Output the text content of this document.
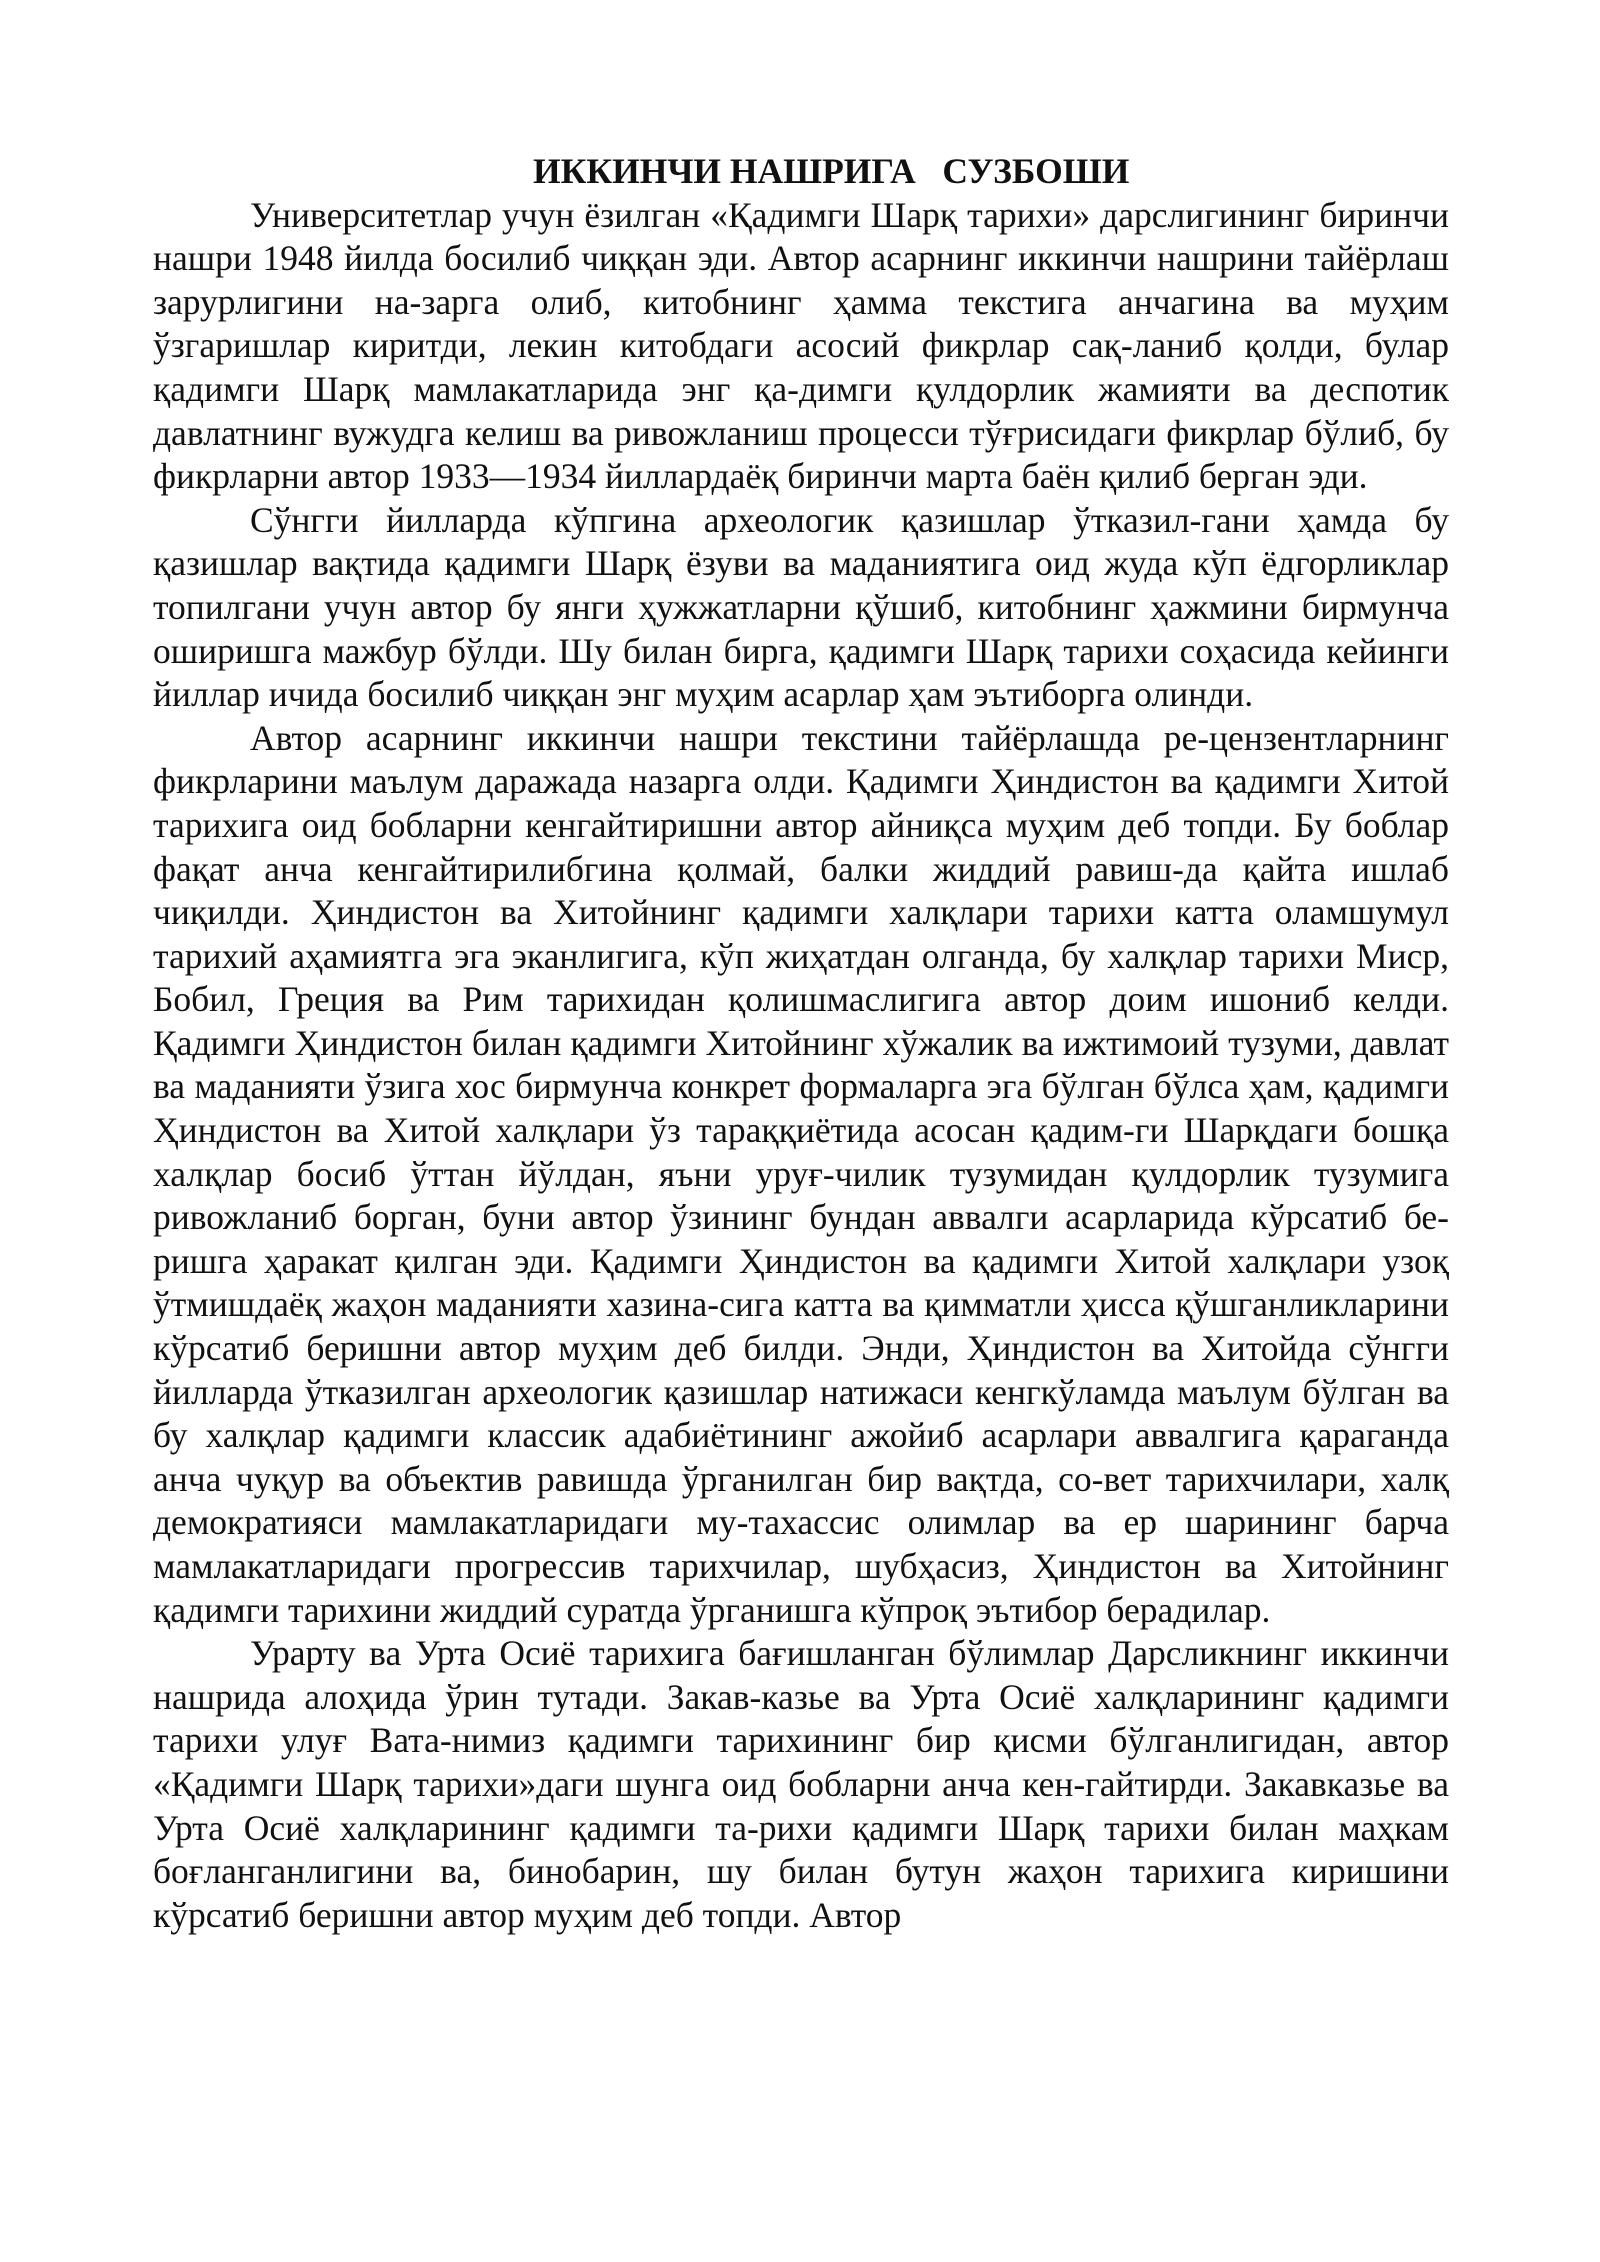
ИККИНЧИ НАШРИГА   СУЗБОШИ

Университетлар учун ёзилган «Қадимги Шарқ тарихи» дарслигининг биринчи нашри 1948 йилда босилиб чиққан эди. Автор асарнинг иккинчи нашрини тайёрлаш зарурлигини на-зарга олиб, китобнинг ҳамма текстига анчагина ва муҳим ўзгаришлар киритди, лекин китобдаги асосий фикрлар сақ-ланиб қолди, булар қадимги Шарқ мамлакатларида энг қа-димги қулдорлик жамияти ва деспотик давлатнинг вужудга келиш ва ривожланиш процесси тўғрисидаги фикрлар бўлиб, бу фикрларни автор 1933—1934 йиллардаёқ биринчи марта баён қилиб берган эди.

Сўнгги йилларда кўпгина археологик қазишлар ўтказил-гани ҳамда бу қазишлар вақтида қадимги Шарқ ёзуви ва маданиятига оид жуда кўп ёдгорликлар топилгани учун автор бу янги ҳужжатларни қўшиб, китобнинг ҳажмини бирмунча оширишга мажбур бўлди. Шу билан бирга, қадимги Шарқ тарихи соҳасида кейинги йиллар ичида босилиб чиққан энг муҳим асарлар ҳам эътиборга олинди.

Автор асарнинг иккинчи нашри текстини тайёрлашда ре-цензентларнинг фикрларини маълум даражада назарга олди. Қадимги Ҳиндистон ва қадимги Хитой тарихига оид бобларни кенгайтиришни автор айниқса муҳим деб топди. Бу боблар фақат анча кенгайтирилибгина қолмай, балки жиддий равиш-да қайта ишлаб чиқилди. Ҳиндистон ва Хитойнинг қадимги халқлари тарихи катта оламшумул тарихий аҳамиятга эга эканлигига, кўп жиҳатдан олганда, бу халқлар тарихи Миср, Бобил, Греция ва Рим тарихидан қолишмаслигига автор доим ишониб келди. Қадимги Ҳиндистон билан қадимги Хитойнинг хўжалик ва ижтимоий тузуми, давлат ва маданияти ўзига хос бирмунча конкрет формаларга эга бўлган бўлса ҳам, қадимги Ҳиндистон ва Хитой халқлари ўз тараққиётида асосан қадим-ги Шарқдаги бошқа халқлар босиб ўттан йўлдан, яъни уруғ-чилик тузумидан қулдорлик тузумига ривожланиб борган, буни автор ўзининг бундан аввалги асарларида кўрсатиб бе-ришга ҳаракат қилган эди. Қадимги Ҳиндистон ва қадимги Хитой халқлари узоқ ўтмишдаёқ жаҳон маданияти хазина-сига катта ва қимматли ҳисса қўшганликларини кўрсатиб беришни автор муҳим деб билди. Энди, Ҳиндистон ва Хитойда сўнгги йилларда ўтказилган археологик қазишлар натижаси кенгкўламда маълум бўлган ва бу халқлар қадимги классик адабиётининг ажойиб асарлари аввалгига қараганда анча чуқур ва объектив равишда ўрганилган бир вақтда, со-вет тарихчилари, халқ демократияси мамлакатларидаги му-тахассис олимлар ва ер шарининг барча мамлакатларидаги прогрессив тарихчилар, шубҳасиз, Ҳиндистон ва Хитойнинг қадимги тарихини жиддий суратда ўрганишга кўпроқ эътибор берадилар.

Урарту ва Урта Осиё тарихига бағишланган бўлимлар Дарсликнинг иккинчи нашрида алоҳида ўрин тутади. Закав-казье ва Урта Осиё халқларининг қадимги тарихи улуғ Вата-нимиз қадимги тарихининг бир қисми бўлганлигидан, автор «Қадимги Шарқ тарихи»даги шунга оид бобларни анча кен-гайтирди. Закавказье ва Урта Осиё халқларининг қадимги та-рихи қадимги Шарқ тарихи билан маҳкам боғланганлигини ва, бинобарин, шу билан бутун жаҳон тарихига киришини кўрсатиб беришни автор муҳим деб топди. Автор
